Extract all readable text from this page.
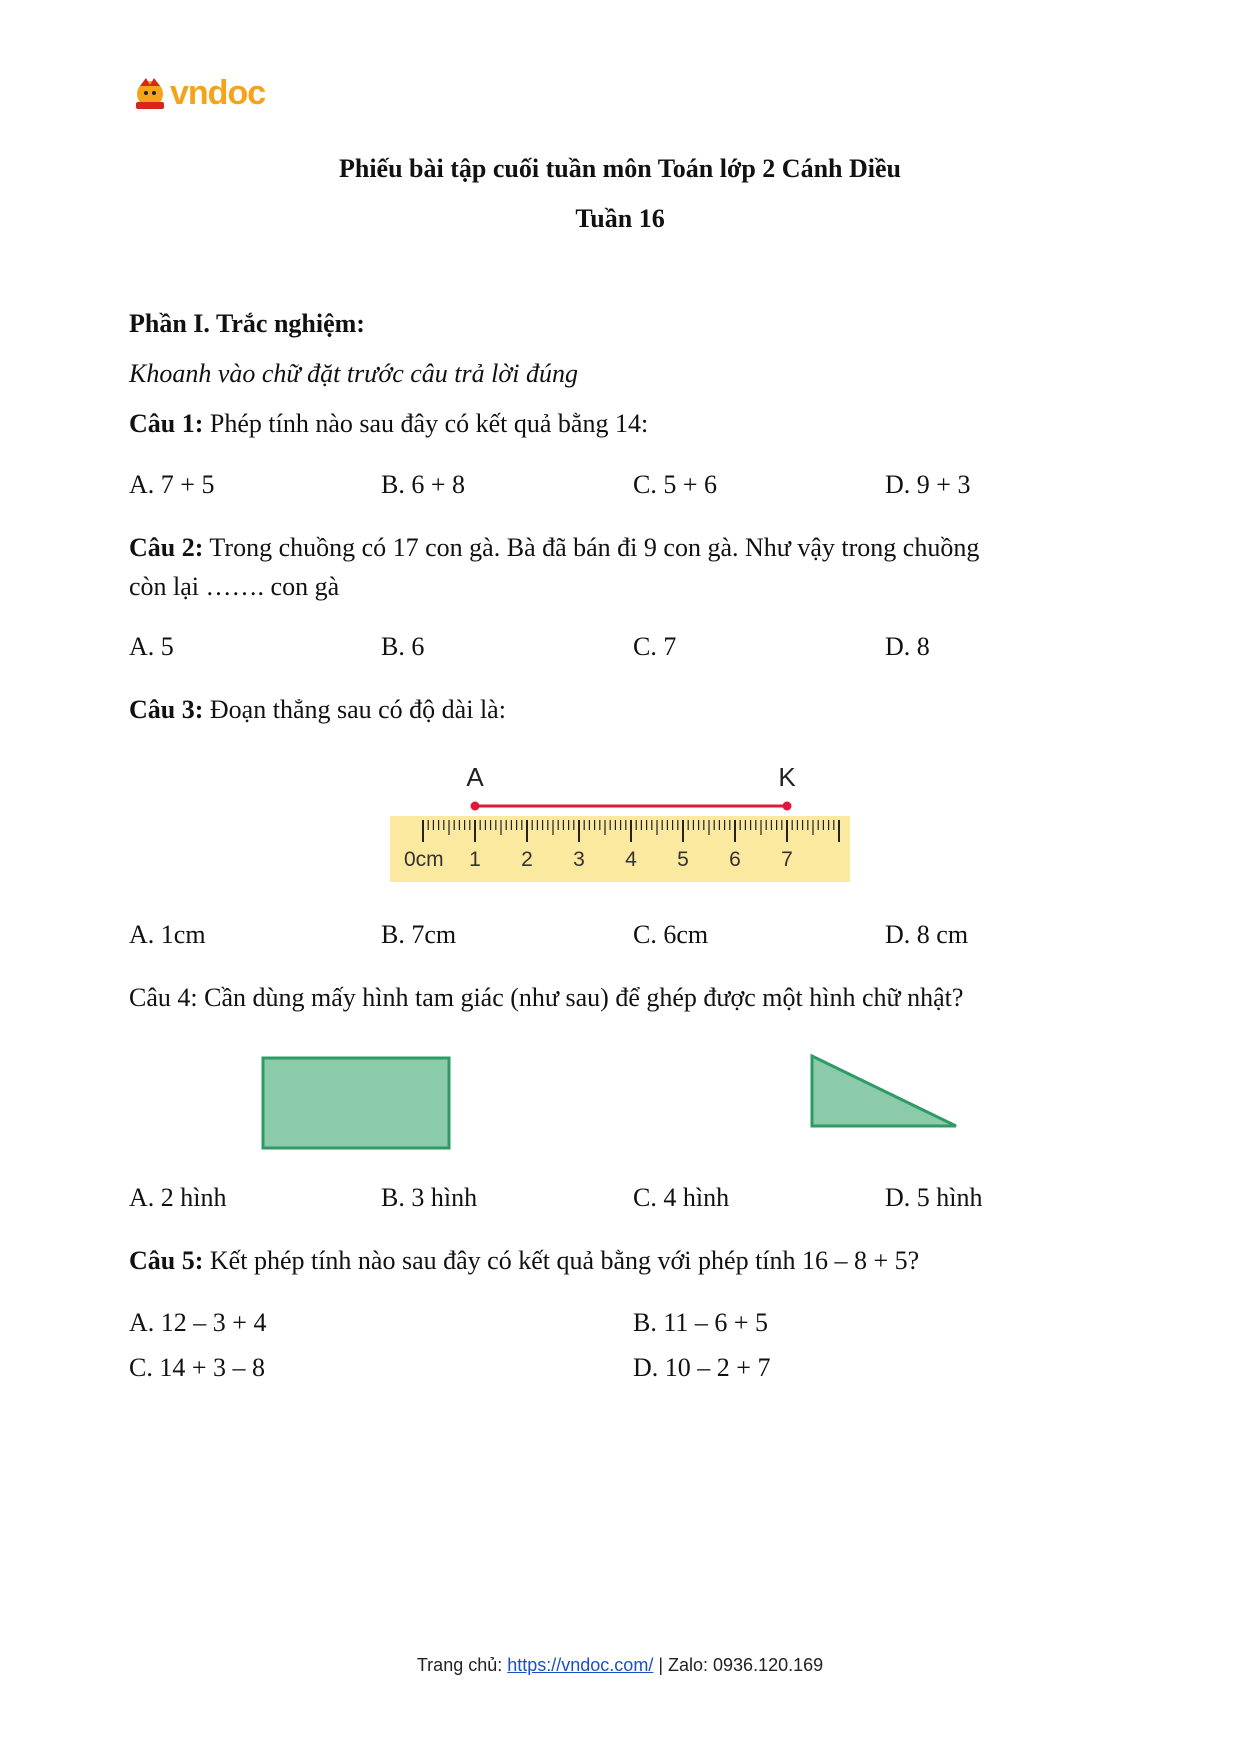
vndoc
Phiếu bài tập cuối tuần môn Toán lớp 2 Cánh Diều
Tuần 16
Phần I. Trắc nghiệm:
Khoanh vào chữ đặt trước câu trả lời đúng
Câu 1: Phép tính nào sau đây có kết quả bằng 14:
A. 7 + 5	B. 6 + 8	C. 5 + 6	D. 9 + 3
Câu 2: Trong chuồng có 17 con gà. Bà đã bán đi 9 con gà. Như vậy trong chuồng
còn lại ……. con gà
A. 5	B. 6	C. 7	D. 8
Câu 3: Đoạn thẳng sau có độ dài là:
0cm 1 2 3 4 5 6 7
A	K
A. 1cm	B. 7cm	C. 6cm	D. 8 cm
Câu 4: Cần dùng mấy hình tam giác (như sau) để ghép được một hình chữ nhật?
A. 2 hình	B. 3 hình	C. 4 hình	D. 5 hình
Câu 5: Kết phép tính nào sau đây có kết quả bằng với phép tính 16 – 8 + 5?
A. 12 – 3 + 4	B. 11 – 6 + 5
C. 14 + 3 – 8	D. 10 – 2 + 7
Trang chủ: https://vndoc.com/ | Zalo: 0936.120.169
